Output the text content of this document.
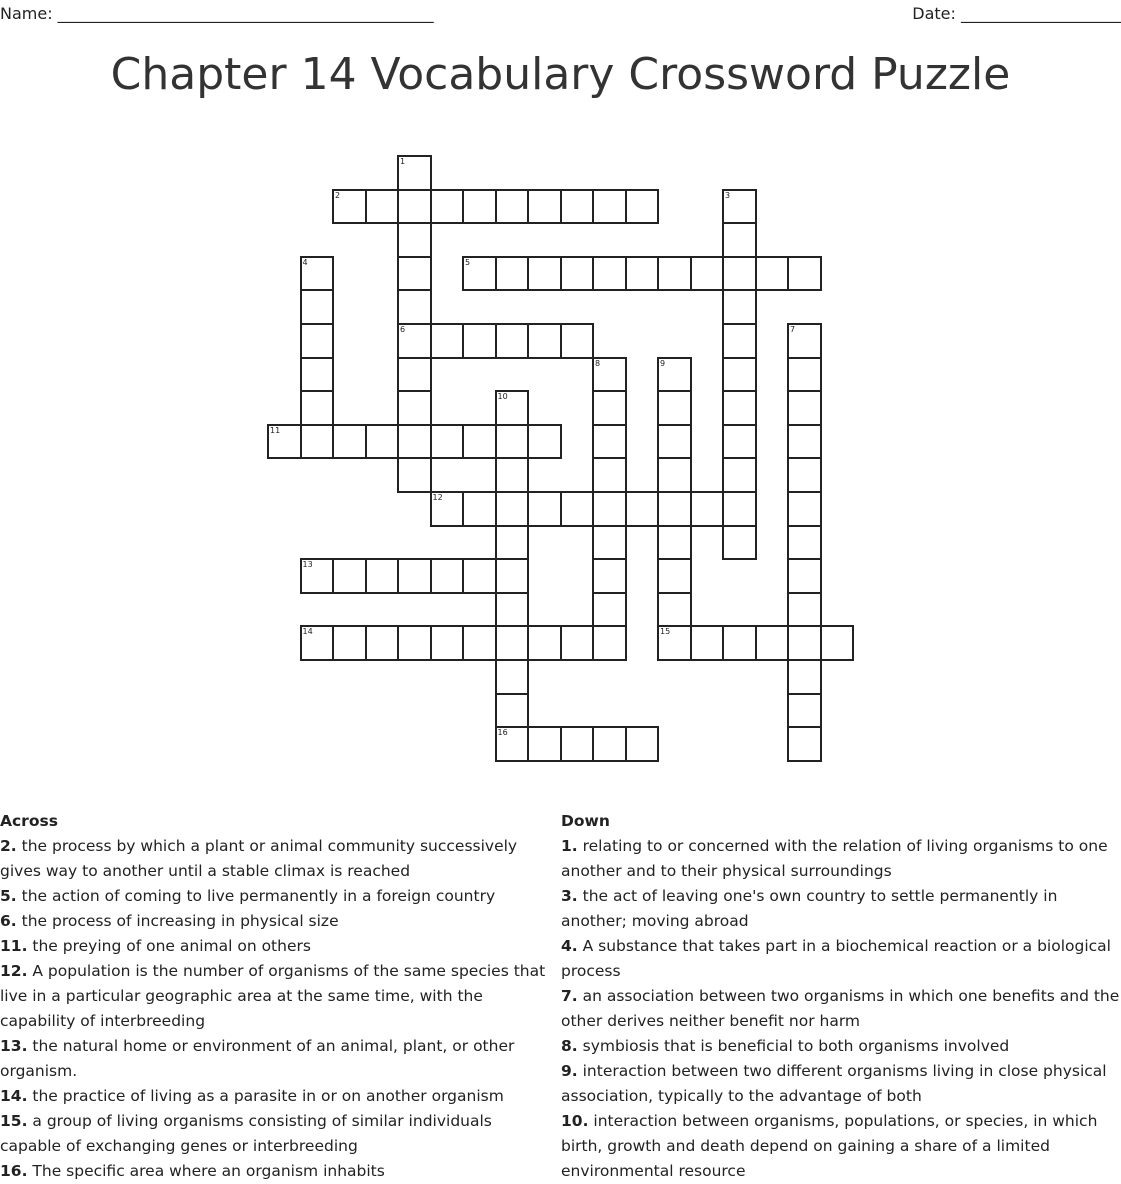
Name: _______________________________________________	Date: ____________________
Chapter 14 Vocabulary Crossword Puzzle
1
6
2	3
4	5
7
8	9
10
11
12
13
14	15
16
Across
2. the process by which a plant or animal community successively gives way to another until a stable climax is reached
5. the action of coming to live permanently in a foreign country
6. the process of increasing in physical size
11. the preying of one animal on others
12. A population is the number of organisms of the same species that live in a particular geographic area at the same time, with the capability of interbreeding
13. the natural home or environment of an animal, plant, or other organism.
14. the practice of living as a parasite in or on another organism
15. a group of living organisms consisting of similar individuals capable of exchanging genes or interbreeding
16. The specific area where an organism inhabits
Down
1. relating to or concerned with the relation of living organisms to one another and to their physical surroundings
3. the act of leaving one's own country to settle permanently in another; moving abroad
4. A substance that takes part in a biochemical reaction or a biological process
7. an association between two organisms in which one benefits and the other derives neither benefit nor harm
8. symbiosis that is beneficial to both organisms involved
9. interaction between two different organisms living in close physical association, typically to the advantage of both
10. interaction between organisms, populations, or species, in which birth, growth and death depend on gaining a share of a limited environmental resource
